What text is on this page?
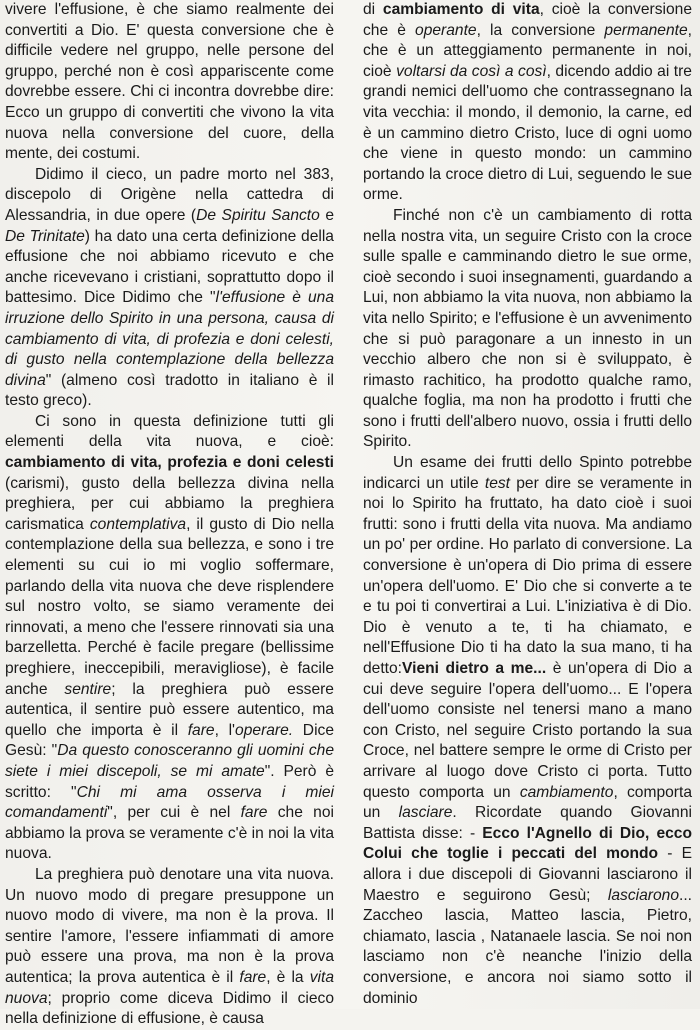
vivere l'effusione, è che siamo realmente dei convertiti a Dio. E' questa conversione che è difficile vedere nel gruppo, nelle persone del gruppo, perché non è così appariscente come dovrebbe essere. Chi ci incontra dovrebbe dire: Ecco un gruppo di convertiti che vivono la vita nuova nella conversione del cuore, della mente, dei costumi.

Didimo il cieco, un padre morto nel 383, discepolo di Origène nella cattedra di Alessandria, in due opere (De Spiritu Sancto e De Trinitate) ha dato una certa definizione della effusione che noi abbiamo ricevuto e che anche ricevevano i cristiani, soprattutto dopo il battesimo. Dice Didimo che "l'effusione è una irruzione dello Spirito in una persona, causa di cambiamento di vita, di profezia e doni celesti, di gusto nella contemplazione della bellezza divina" (almeno così tradotto in italiano è il testo greco).

Ci sono in questa definizione tutti gli elementi della vita nuova, e cioè: cambiamento di vita, profezia e doni celesti (carismi), gusto della bellezza divina nella preghiera, per cui abbiamo la preghiera carismatica contemplativa, il gusto di Dio nella contemplazione della sua bellezza, e sono i tre elementi su cui io mi voglio soffermare, parlando della vita nuova che deve risplendere sul nostro volto, se siamo veramente dei rinnovati, a meno che l'essere rinnovati sia una barzelletta. Perché è facile pregare (bellissime preghiere, ineccepibili, meravigliose), è facile anche sentire; la preghiera può essere autentica, il sentire può essere autentico, ma quello che importa è il fare, l'operare. Dice Gesù: "Da questo conosceranno gli uomini che siete i miei discepoli, se mi amate". Però è scritto: "Chi mi ama osserva i miei comandamenti", per cui è nel fare che noi abbiamo la prova se veramente c'è in noi la vita nuova.

La preghiera può denotare una vita nuova. Un nuovo modo di pregare presuppone un nuovo modo di vivere, ma non è la prova. Il sentire l'amore, l'essere infiammati di amore può essere una prova, ma non è la prova autentica; la prova autentica è il fare, è la vita nuova; proprio come diceva Didimo il cieco nella definizione di effusione, è causa

di cambiamento di vita, cioè la conversione che è operante, la conversione permanente, che è un atteggiamento permanente in noi, cioè voltarsi da così a così, dicendo addio ai tre grandi nemici dell'uomo che contrassegnano la vita vecchia: il mondo, il demonio, la carne, ed è un cammino dietro Cristo, luce di ogni uomo che viene in questo mondo: un cammino portando la croce dietro di Lui, seguendo le sue orme.

Finché non c'è un cambiamento di rotta nella nostra vita, un seguire Cristo con la croce sulle spalle e camminando dietro le sue orme, cioè secondo i suoi insegnamenti, guardando a Lui, non abbiamo la vita nuova, non abbiamo la vita nello Spirito; e l'effusione è un avvenimento che si può paragonare a un innesto in un vecchio albero che non si è sviluppato, è rimasto rachitico, ha prodotto qualche ramo, qualche foglia, ma non ha prodotto i frutti che sono i frutti dell'albero nuovo, ossia i frutti dello Spirito.

Un esame dei frutti dello Spinto potrebbe indicarci un utile test per dire se veramente in noi lo Spirito ha fruttato, ha dato cioè i suoi frutti: sono i frutti della vita nuova. Ma andiamo un po' per ordine. Ho parlato di conversione. La conversione è un'opera di Dio prima di essere un'opera dell'uomo. E' Dio che si converte a te e tu poi ti convertirai a Lui. L'iniziativa è di Dio. Dio è venuto a te, ti ha chiamato, e nell'Effusione Dio ti ha dato la sua mano, ti ha detto:Vieni dietro a me... è un'opera di Dio a cui deve seguire l'opera dell'uomo... E l'opera dell'uomo consiste nel tenersi mano a mano con Cristo, nel seguire Cristo portando la sua Croce, nel battere sempre le orme di Cristo per arrivare al luogo dove Cristo ci porta. Tutto questo comporta un cambiamento, comporta un lasciare. Ricordate quando Giovanni Battista disse: - Ecco l'Agnello di Dio, ecco Colui che toglie i peccati del mondo - E allora i due discepoli di Giovanni lasciarono il Maestro e seguirono Gesù; lasciarono... Zaccheo lascia, Matteo lascia, Pietro, chiamato, lascia , Natanaele lascia. Se noi non lasciamo non c'è neanche l'inizio della conversione, e ancora noi siamo sotto il dominio
